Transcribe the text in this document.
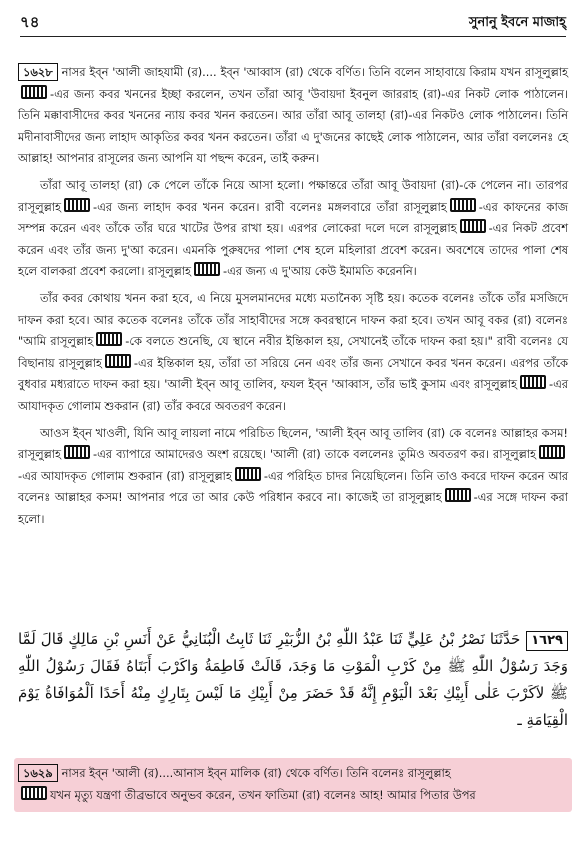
৭৪	সুনানু ইবনে মাজাহ্

১৬২৮ নাসর ইব্‌ন 'আলী জাহযামী (র).... ইব্‌ন 'আব্বাস (রা) থেকে বর্ণিত। তিনি বলেন সাহাবায়ে কিরাম যখন রাসূলুল্লাহ-এর জন্য কবর খননের ইচ্ছা করলেন, তখন তাঁরা আবূ 'উবায়দা ইবনুল জাররাহ (রা)-এর নিকট লোক পাঠালেন। তিনি মক্কাবাসীদের কবর খননের ন্যায় কবর খনন করতেন। আর তাঁরা আবূ তালহা (রা)-এর নিকটও লোক পাঠালেন। তিনি মদীনাবাসীদের জন্য লাহাদ আকৃতির কবর খনন করতেন। তাঁরা এ দু'জনের কাছেই লোক পাঠালেন, আর তাঁরা বললেনঃ হে আল্লাহ! আপনার রাসূলের জন্য আপনি যা পছন্দ করেন, তাই করুন।

তাঁরা আবূ তালহা (রা) কে পেলে তাঁকে নিয়ে আসা হলো। পক্ষান্তরে তাঁরা আবূ উবায়দা (রা)-কে পেলেন না। তারপর রাসূলুল্লাহ	-এর জন্য লাহাদ কবর খনন করেন। রাবী বলেনঃ মঙ্গলবারে তাঁরা রাসূলুল্লাহ	-এর কাফনের কাজ সম্পন্ন করেন এবং তাঁকে তাঁর ঘরে খাটের উপর রাখা হয়। এরপর লোকেরা দলে দলে রাসূলুল্লাহ	-এর নিকট প্রবেশ করেন এবং তাঁর জন্য দু'আ করেন। এমনকি পুরুষদের পালা শেষ হলে মহিলারা প্রবেশ করেন। অবশেষে তাদের পালা শেষ হলে বালকরা প্রবেশ করলো। রাসূলুল্লাহ	-এর জন্য এ দু'আয় কেউ ইমামতি করেননি।

তাঁর কবর কোথায় খনন করা হবে, এ নিয়ে মুসলমানদের মধ্যে মতানৈক্য সৃষ্টি হয়। কতেক বলেনঃ তাঁকে তাঁর মসজিদে দাফন করা হবে। আর কতেক বলেনঃ তাঁকে তাঁর সাহাবীদের সঙ্গে কবরস্থানে দাফন করা হবে। তখন আবূ বকর (রা) বলেনঃ "আমি রাসূলুল্লাহ	-কে বলতে শুনেছি, যে স্থানে নবীর ইন্তিকাল হয়, সেখানেই তাঁকে দাফন করা হয়।" রাবী বলেনঃ যে বিছানায় রাসূলুল্লাহ	-এর ইন্তিকাল হয়, তাঁরা তা সরিয়ে নেন এবং তাঁর জন্য সেখানে কবর খনন করেন। এরপর তাঁকে বুধবার মধ্যরাতে দাফন করা হয়। 'আলী ইব্‌ন আবূ তালিব, ফযল ইব্‌ন 'আব্বাস, তাঁর ভাই কুসাম এবং রাসূলুল্লাহ	-এর আযাদকৃত গোলাম শুকরান (রা) তাঁর কবরে অবতরণ করেন।

আওস ইব্‌ন খাওলী, যিনি আবূ লায়লা নামে পরিচিত ছিলেন, 'আলী ইব্‌ন আবূ তালিব (রা) কে বলেনঃ আল্লাহর কসম! রাসূলুল্লাহ	-এর ব্যাপারে আমাদেরও অংশ রয়েছে। 'আলী (রা) তাকে বললেনঃ তুমিও অবতরণ কর। রাসূলুল্লাহ-এর আযাদকৃত গোলাম শুকরান (রা) রাসূলুল্লাহ	-এর পরিহিত চাদর নিয়েছিলেন। তিনি তাও কবরে দাফন করেন আর বলেনঃ আল্লাহর কসম! আপনার পরে তা আর কেউ পরিধান করবে না। কাজেই তা রাসূলুল্লাহ	-এর সঙ্গে দাফন করা হলো।

١٦٢٩حَدَّثَنَا نَصْرُ بْنُ عَلِيٍّ ثَنَا عَبْدُ اللّٰهِ بْنُ الزُّبَيْرِ ثَنَا ثَابِتُ الْبُنَانِيُّ عَنْ أَنَسِ بْنِ مَالِكٍ قَالَ لَمَّا وَجَدَ رَسُوْلُ اللّٰهِ ﷺ مِنْ كَرْبِ الْمَوْتِ مَا وَجَدَ، قَالَتْ فَاطِمَةُ وَاكَرْبَ أَبَتَاهُ فَقَالَ رَسُوْلُ اللّٰهِ ﷺ لاَكَرْبَ عَلٰى أَبِيْكِ بَعْدَ الْيَوْمِ إِنَّهُ قَدْ حَضَرَ مِنْ أَبِيْكِ مَا لَيْسَ بِتَارِكٍ مِنْهُ أَحَدًا اَلْمُوَافَاةُ يَوْمَ الْقِيَامَةِ ـ
১৬২৯ নাসর ইব্‌ন 'আলী (র)....আনাস ইব্‌ন মালিক (রা) থেকে বর্ণিত। তিনি বলেনঃ রাসূলুল্লাহ
যখন মৃত্যু যন্ত্রণা তীব্রভাবে অনুভব করেন, তখন ফাতিমা (রা) বলেনঃ আহ! আমার পিতার উপর
